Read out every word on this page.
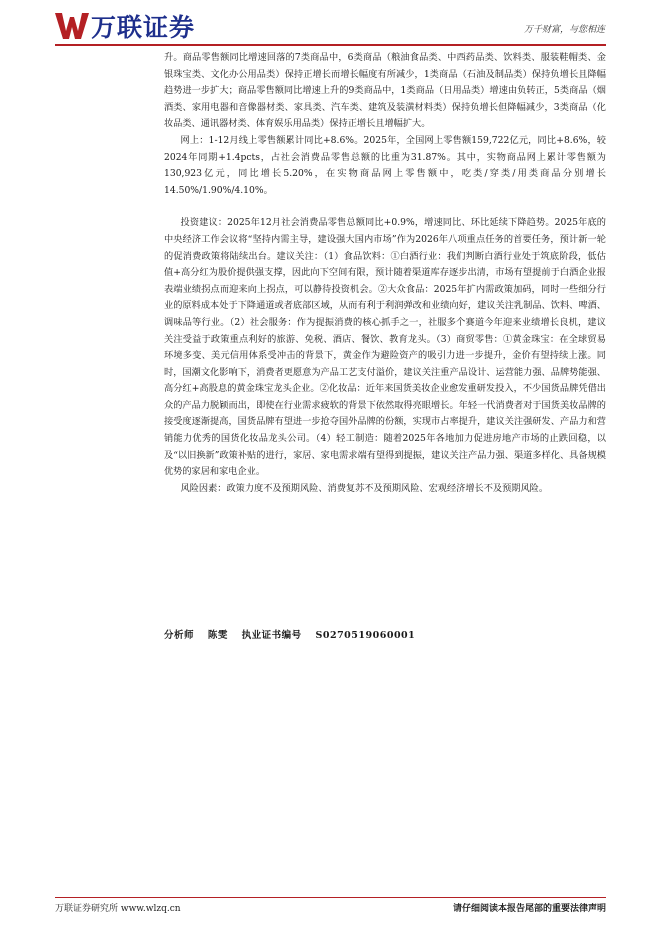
万联证券	万千财富，与您相连

升。商品零售额同比增速回落的7类商品中，6类商品（粮油食品类、中西药品类、饮料类、服装鞋帽类、金银珠宝类、文化办公用品类）保持正增长而增长幅度有所减少，1类商品（石油及制品类）保持负增长且降幅趋势进一步扩大；商品零售额同比增速上升的9类商品中，1类商品（日用品类）增速由负转正，5类商品（烟酒类、家用电器和音像器材类、家具类、汽车类、建筑及装潢材料类）保持负增长但降幅减少，3类商品（化妆品类、通讯器材类、体育娱乐用品类）保持正增长且增幅扩大。

网上：1-12月线上零售额累计同比+8.6%。2025年，全国网上零售额159,722亿元，同比+8.6%，较2024年同期+1.4pcts，占社会消费品零售总额的比重为31.87%。其中，实物商品网上累计零售额为130,923亿元，同比增长5.20%，在实物商品网上零售额中，吃类/穿类/用类商品分别增长14.50%/1.90%/4.10%。

投资建议：2025年12月社会消费品零售总额同比+0.9%，增速同比、环比延续下降趋势。2025年底的中央经济工作会议将“坚持内需主导，建设强大国内市场”作为2026年八项重点任务的首要任务，预计新一轮的促消费政策将陆续出台。建议关注：（1）食品饮料：①白酒行业：我们判断白酒行业处于筑底阶段，低估值+高分红为股价提供强支撑，因此向下空间有限，预计随着渠道库存逐步出清，市场有望提前于白酒企业报表端业绩拐点而迎来向上拐点，可以静待投资机会。②大众食品：2025年扩内需政策加码，同时一些细分行业的原料成本处于下降通道或者底部区域，从而有利于利润弹改和业绩向好，建议关注乳制品、饮料、啤酒、调味品等行业。（2）社会服务：作为提振消费的核心抓手之一，社服多个赛道今年迎来业绩增长良机，建议关注受益于政策重点利好的旅游、免税、酒店、餐饮、教育龙头。（3）商贸零售：①黄金珠宝：在全球贸易环境多变、美元信用体系受冲击的背景下，黄金作为避险资产的吸引力进一步提升，金价有望持续上涨。同时，国潮文化影响下，消费者更愿意为产品工艺支付溢价，建议关注重产品设计、运营能力强、品牌势能强、高分红+高股息的黄金珠宝龙头企业。②化妆品：近年来国货美妆企业愈发重研发投入，不少国货品牌凭借出众的产品力脱颖而出，即使在行业需求疲软的背景下依然取得亮眼增长。年轻一代消费者对于国货美妆品牌的接受度逐渐提高，国货品牌有望进一步抢夺国外品牌的份额，实现市占率提升，建议关注强研发、产品力和营销能力优秀的国货化妆品龙头公司。（4）轻工制造：随着2025年各地加力促进房地产市场的止跌回稳，以及“以旧换新”政策补贴的进行，家居、家电需求端有望得到提振，建议关注产品力强、渠道多样化、具备规模优势的家居和家电企业。

风险因素：政策力度不及预期风险、消费复苏不及预期风险、宏观经济增长不及预期风险。

分析师 陈雯 执业证书编号 S0270519060001
万联证券研究所 www.wlzq.cn	请仔细阅读本报告尾部的重要法律声明
